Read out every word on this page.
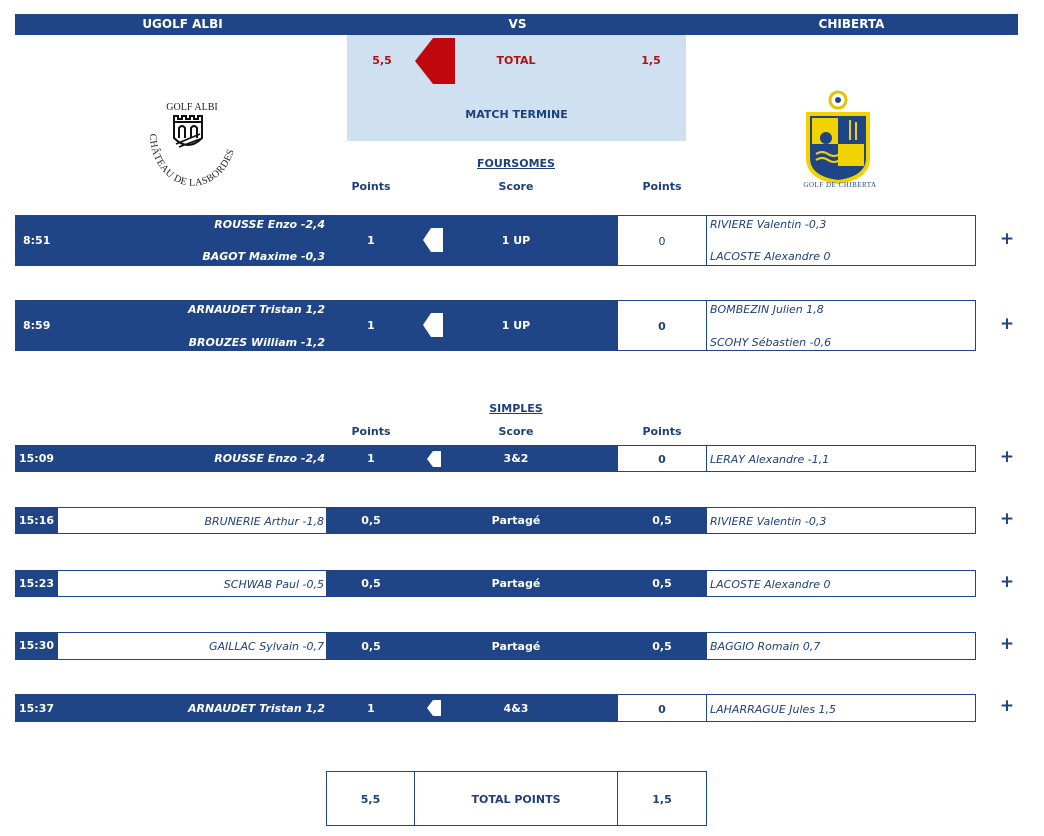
UGOLF ALBI	VS	CHIBERTA
5,5	TOTAL	1,5
MATCH TERMINE
GOLF ALBI
CHÂTEAU DE LASBORDES
GOLF DE CHIBERTA
FOURSOMES
Points	Score	Points
8:51
ROUSSE Enzo -2,4
BAGOT Maxime -0,3
1	1 UP	0
RIVIERE Valentin -0,3
LACOSTE Alexandre 0
+
8:59
ARNAUDET Tristan 1,2
BROUZES William -1,2
1	1 UP	0
BOMBEZIN Julien 1,8
SCOHY Sébastien -0,6
+
SIMPLES
Points	Score	Points
15:09	ROUSSE Enzo -2,4	1	3&2	0	LERAY Alexandre -1,1	+
15:16	BRUNERIE Arthur -1,8	0,5	Partagé	0,5	RIVIERE Valentin -0,3	+
15:23	SCHWAB Paul -0,5	0,5	Partagé	0,5	LACOSTE Alexandre 0	+
15:30	GAILLAC Sylvain -0,7	0,5	Partagé	0,5	BAGGIO Romain 0,7	+
15:37	ARNAUDET Tristan 1,2	1	4&3	0	LAHARRAGUE Jules 1,5	+
5,5	TOTAL POINTS	1,5
